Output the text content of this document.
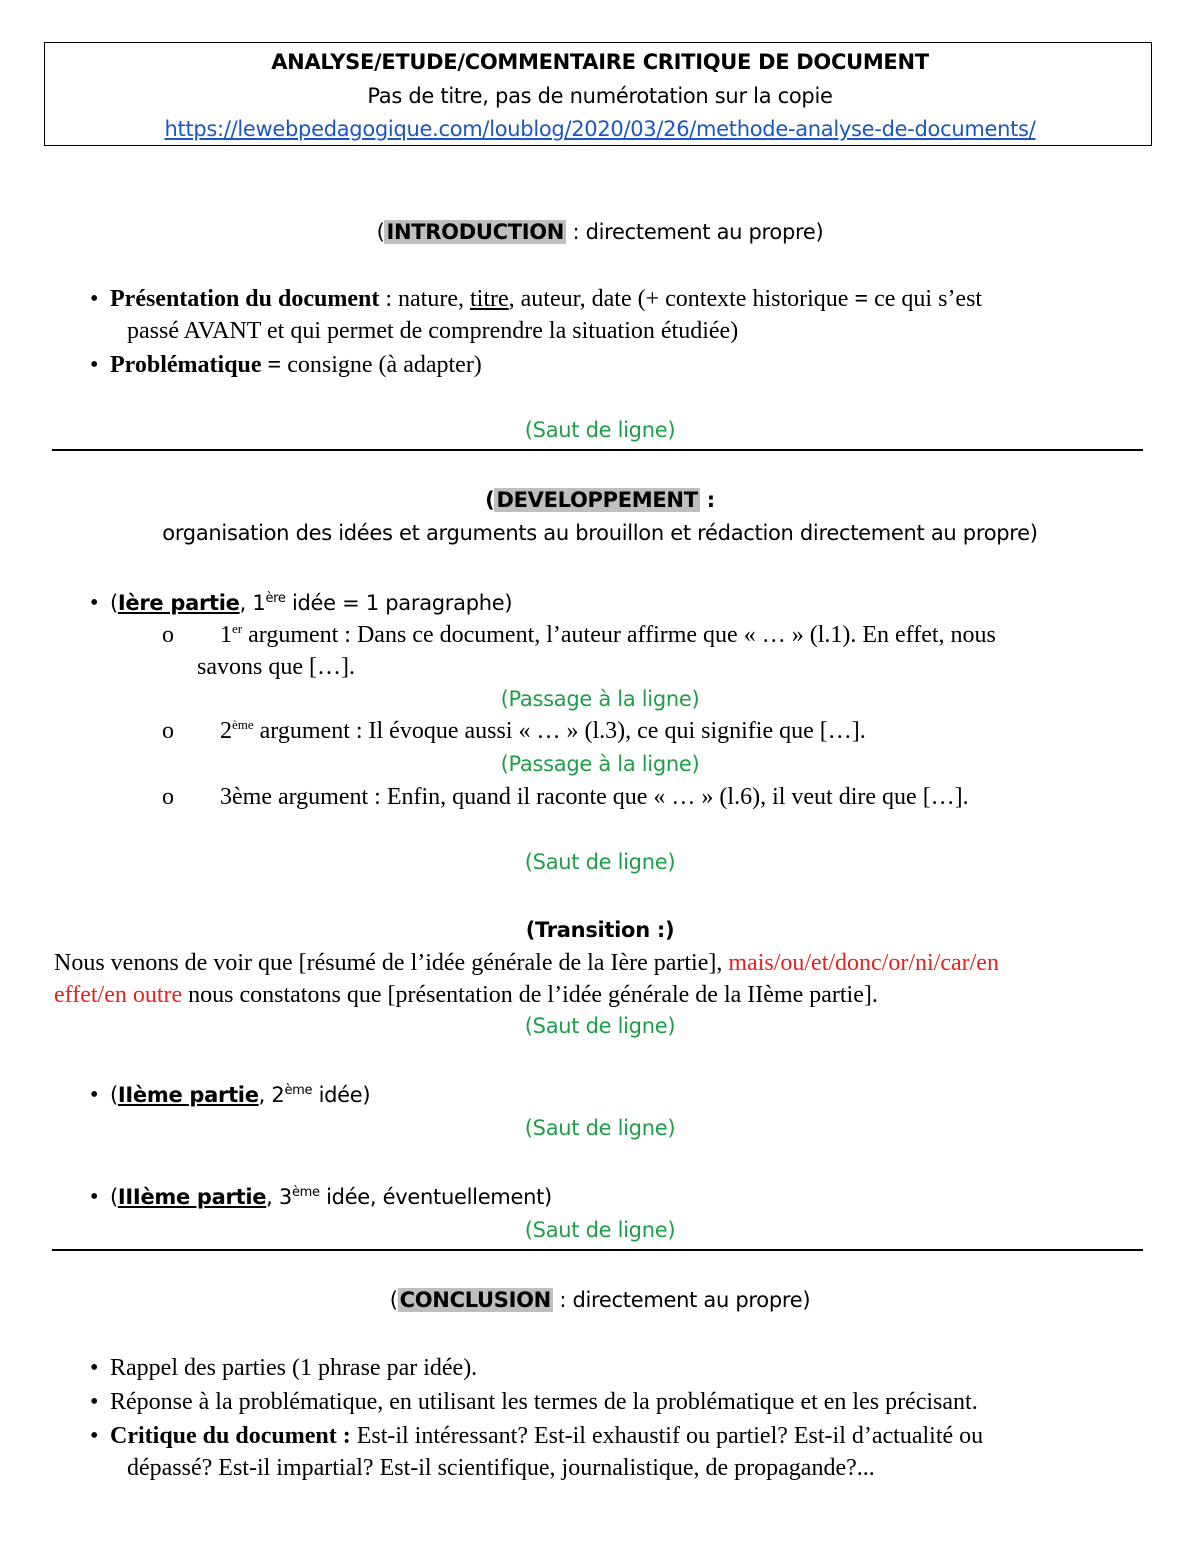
ANALYSE/ETUDE/COMMENTAIRE CRITIQUE DE DOCUMENT
Pas de titre, pas de numérotation sur la copie
https://lewebpedagogique.com/loublog/2020/03/26/methode-analyse-de-documents/
(INTRODUCTION : directement au propre)
• Présentation du document : nature, titre, auteur, date (+ contexte historique = ce qui s’est
passé AVANT et qui permet de comprendre la situation étudiée)
• Problématique = consigne (à adapter)
(Saut de ligne)
(DEVELOPPEMENT :
organisation des idées et arguments au brouillon et rédaction directement au propre)
• (Ière partie, 1ère idée = 1 paragraphe)
o 1er argument : Dans ce document, l’auteur affirme que « … » (l.1). En effet, nous
savons que […].
(Passage à la ligne)
o 2ème argument : Il évoque aussi « … » (l.3), ce qui signifie que […].
(Passage à la ligne)
o 3ème argument : Enfin, quand il raconte que « … » (l.6), il veut dire que […].
(Saut de ligne)
(Transition :)
Nous venons de voir que [résumé de l’idée générale de la Ière partie], mais/ou/et/donc/or/ni/car/en
effet/en outre nous constatons que [présentation de l’idée générale de la IIème partie].
(Saut de ligne)
• (IIème partie, 2ème idée)
(Saut de ligne)
• (IIIème partie, 3ème idée, éventuellement)
(Saut de ligne)
(CONCLUSION : directement au propre)
• Rappel des parties (1 phrase par idée).
• Réponse à la problématique, en utilisant les termes de la problématique et en les précisant.
• Critique du document : Est-il intéressant? Est-il exhaustif ou partiel? Est-il d’actualité ou
dépassé? Est-il impartial? Est-il scientifique, journalistique, de propagande?...
